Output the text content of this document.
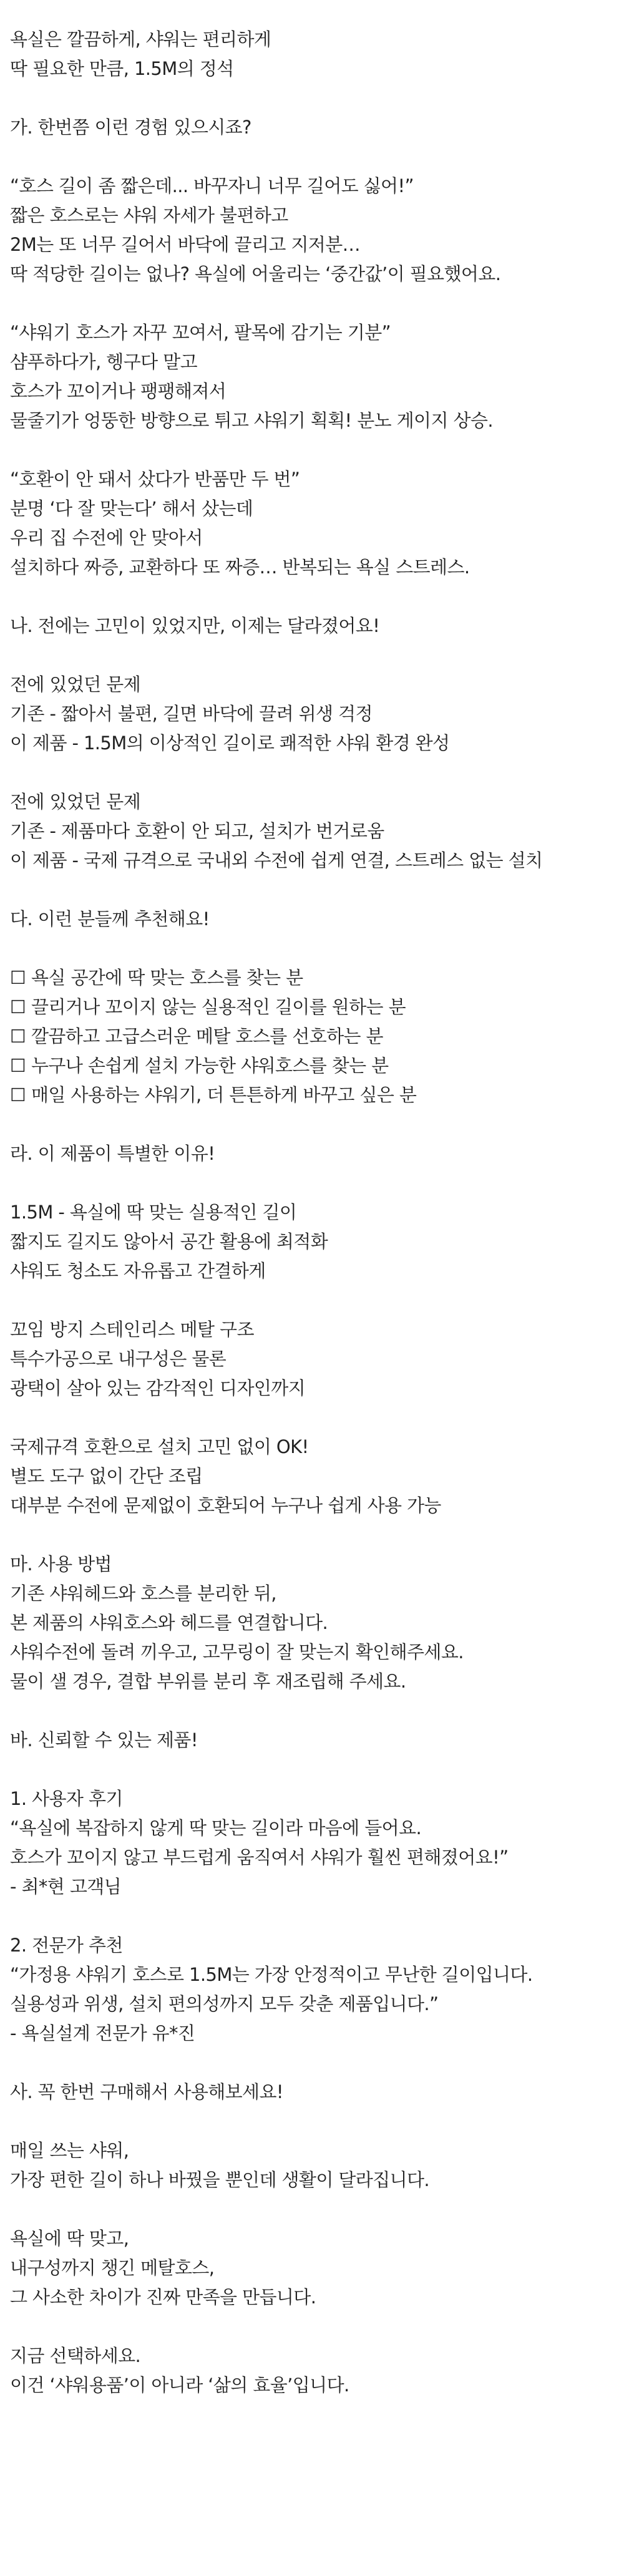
욕실은 깔끔하게, 샤워는 편리하게
딱 필요한 만큼, 1.5M의 정석
가. 한번쯤 이런 경험 있으시죠?
“호스 길이 좀 짧은데... 바꾸자니 너무 길어도 싫어!”
짧은 호스로는 샤워 자세가 불편하고
2M는 또 너무 길어서 바닥에 끌리고 지저분…
딱 적당한 길이는 없나? 욕실에 어울리는 ‘중간값’이 필요했어요.
“샤워기 호스가 자꾸 꼬여서, 팔목에 감기는 기분”
샴푸하다가, 헹구다 말고
호스가 꼬이거나 팽팽해져서
물줄기가 엉뚱한 방향으로 튀고 샤워기 획획! 분노 게이지 상승.
“호환이 안 돼서 샀다가 반품만 두 번”
분명 ‘다 잘 맞는다’ 해서 샀는데
우리 집 수전에 안 맞아서
설치하다 짜증, 교환하다 또 짜증… 반복되는 욕실 스트레스.
나. 전에는 고민이 있었지만, 이제는 달라졌어요!
전에 있었던 문제
기존 - 짧아서 불편, 길면 바닥에 끌려 위생 걱정
이 제품 - 1.5M의 이상적인 길이로 쾌적한 샤워 환경 완성
전에 있었던 문제
기존 - 제품마다 호환이 안 되고, 설치가 번거로움
이 제품 - 국제 규격으로 국내외 수전에 쉽게 연결, 스트레스 없는 설치
다. 이런 분들께 추천해요!
☐ 욕실 공간에 딱 맞는 호스를 찾는 분
☐ 끌리거나 꼬이지 않는 실용적인 길이를 원하는 분
☐ 깔끔하고 고급스러운 메탈 호스를 선호하는 분
☐ 누구나 손쉽게 설치 가능한 샤워호스를 찾는 분
☐ 매일 사용하는 샤워기, 더 튼튼하게 바꾸고 싶은 분
라. 이 제품이 특별한 이유!
1.5M - 욕실에 딱 맞는 실용적인 길이
짧지도 길지도 않아서 공간 활용에 최적화
샤워도 청소도 자유롭고 간결하게
꼬임 방지 스테인리스 메탈 구조
특수가공으로 내구성은 물론
광택이 살아 있는 감각적인 디자인까지
국제규격 호환으로 설치 고민 없이 OK!
별도 도구 없이 간단 조립
대부분 수전에 문제없이 호환되어 누구나 쉽게 사용 가능
마. 사용 방법
기존 샤워헤드와 호스를 분리한 뒤,
본 제품의 샤워호스와 헤드를 연결합니다.
샤워수전에 돌려 끼우고, 고무링이 잘 맞는지 확인해주세요.
물이 샐 경우, 결합 부위를 분리 후 재조립해 주세요.
바. 신뢰할 수 있는 제품!
1. 사용자 후기
“욕실에 복잡하지 않게 딱 맞는 길이라 마음에 들어요.
호스가 꼬이지 않고 부드럽게 움직여서 샤워가 훨씬 편해졌어요!”
- 최*현 고객님
2. 전문가 추천
“가정용 샤워기 호스로 1.5M는 가장 안정적이고 무난한 길이입니다.
실용성과 위생, 설치 편의성까지 모두 갖춘 제품입니다.”
- 욕실설계 전문가 유*진
사. 꼭 한번 구매해서 사용해보세요!
매일 쓰는 샤워,
가장 편한 길이 하나 바꿨을 뿐인데 생활이 달라집니다.
욕실에 딱 맞고,
내구성까지 챙긴 메탈호스,
그 사소한 차이가 진짜 만족을 만듭니다.
지금 선택하세요.
이건 ‘샤워용품’이 아니라 ‘삶의 효율’입니다.
